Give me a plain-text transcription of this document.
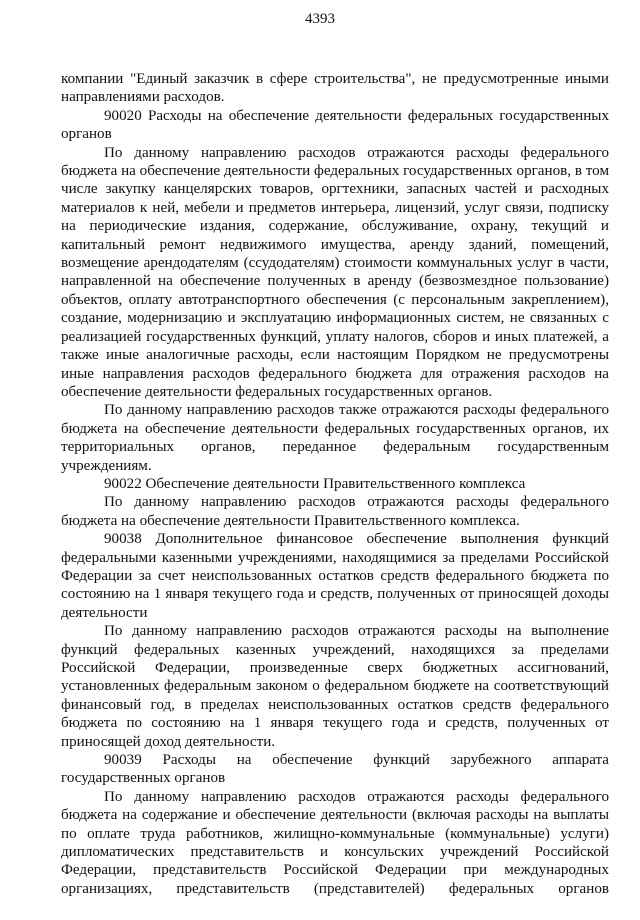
4393

компании "Единый заказчик в сфере строительства", не предусмотренные иными направлениями расходов.

90020 Расходы на обеспечение деятельности федеральных государственных органов

По данному направлению расходов отражаются расходы федерального бюджета на обеспечение деятельности федеральных государственных органов, в том числе закупку канцелярских товаров, оргтехники, запасных частей и расходных материалов к ней, мебели и предметов интерьера, лицензий, услуг связи, подписку на периодические издания, содержание, обслуживание, охрану, текущий и капитальный ремонт недвижимого имущества, аренду зданий, помещений, возмещение арендодателям (ссудодателям) стоимости коммунальных услуг в части, направленной на обеспечение полученных в аренду (безвозмездное пользование) объектов, оплату автотранспортного обеспечения (с персональным закреплением), создание, модернизацию и эксплуатацию информационных систем, не связанных с реализацией государственных функций, уплату налогов, сборов и иных платежей, а также иные аналогичные расходы, если настоящим Порядком не предусмотрены иные направления расходов федерального бюджета для отражения расходов на обеспечение деятельности федеральных государственных органов.

По данному направлению расходов также отражаются расходы федерального бюджета на обеспечение деятельности федеральных государственных органов, их территориальных органов, переданное федеральным государственным учреждениям.

90022 Обеспечение деятельности Правительственного комплекса

По данному направлению расходов отражаются расходы федерального бюджета на обеспечение деятельности Правительственного комплекса.

90038 Дополнительное финансовое обеспечение выполнения функций федеральными казенными учреждениями, находящимися за пределами Российской Федерации за счет неиспользованных остатков средств федерального бюджета по состоянию на 1 января текущего года и средств, полученных от приносящей доходы деятельности

По данному направлению расходов отражаются расходы на выполнение функций федеральных казенных учреждений, находящихся за пределами Российской Федерации, произведенные сверх бюджетных ассигнований, установленных федеральным законом о федеральном бюджете на соответствующий финансовый год, в пределах неиспользованных остатков средств федерального бюджета по состоянию на 1 января текущего года и средств, полученных от приносящей доход деятельности.

90039 Расходы на обеспечение функций зарубежного аппарата государственных органов

По данному направлению расходов отражаются расходы федерального бюджета на содержание и обеспечение деятельности (включая расходы на выплаты по оплате труда работников, жилищно-коммунальные (коммунальные) услуги) дипломатических представительств и консульских учреждений Российской Федерации, представительств Российской Федерации при международных организациях, представительств (представителей) федеральных органов
